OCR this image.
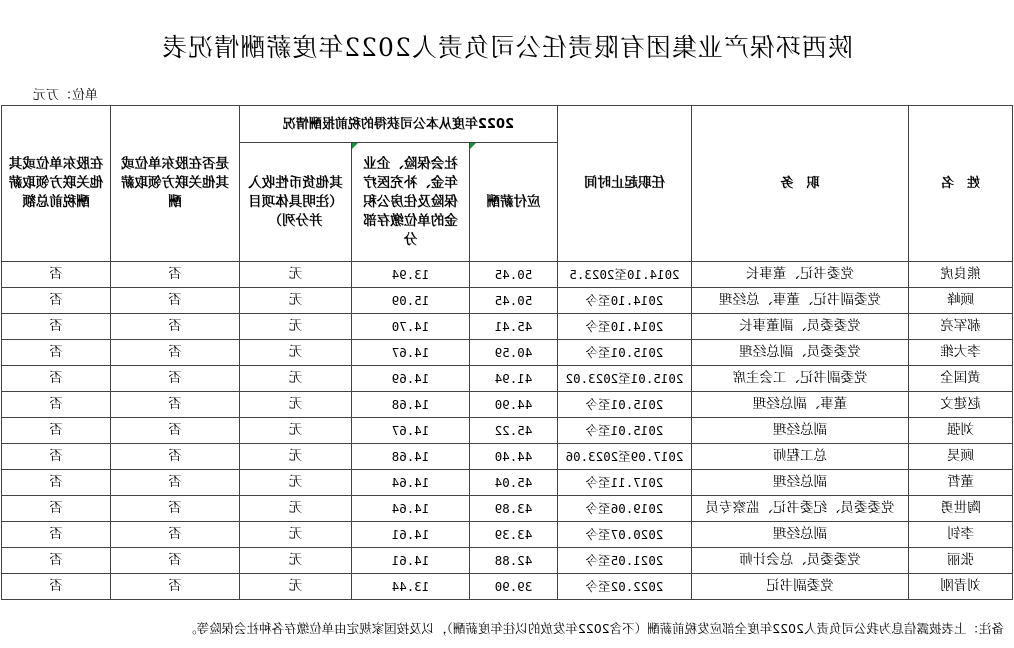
陕西环保产业集团有限责任公司负责人2022年度薪酬情况表
单位：万元
姓　名	职　务	任职起止时间	2022年度从本公司获得的税前报酬情况			是否在股东单位或其他关联方领取薪酬	在股东单位或其他关联方领取薪酬税前总额
			应付薪酬	社会保险、企业年金、补充医疗保险及住房公积金的单位缴存部分	其他货币性收入（注明具体项目并分列）		
熊良虎	党委书记、董事长	2014.10至2023.5	50.45	13.94	无	否	否
顾峰	党委副书记、董事、总经理	2014.10至今	50.45	15.09	无	否	否
郝军亮	党委委员、副董事长	2014.10至今	45.41	14.70	无	否	否
李大维	党委委员、副总经理	2015.01至今	40.59	14.67	无	否	否
黄国全	党委副书记、工会主席	2015.01至2023.02	41.94	14.69	无	否	否
赵建文	董事、副总经理	2015.01至今	44.90	14.68	无	否	否
刘强	副总经理	2015.01至今	45.22	14.67	无	否	否
顾昊	总工程师	2017.09至2023.06	44.40	14.68	无	否	否
董哲	副总经理	2017.11至今	45.04	14.64	无	否	否
陶世勇	党委委员、纪委书记、监察专员	2019.06至今	43.89	14.64	无	否	否
李钊	副总经理	2020.07至今	43.39	14.61	无	否	否
张丽	党委委员、总会计师	2021.05至今	42.88	14.61	无	否	否
刘青刚	党委副书记	2022.02至今	39.90	13.44	无	否	否
备注：上表披露信息为我公司负责人2022年度全部应发税前薪酬（不含2022年发放的以往年度薪酬），以及按国家规定由单位缴存各种社会保险等。
